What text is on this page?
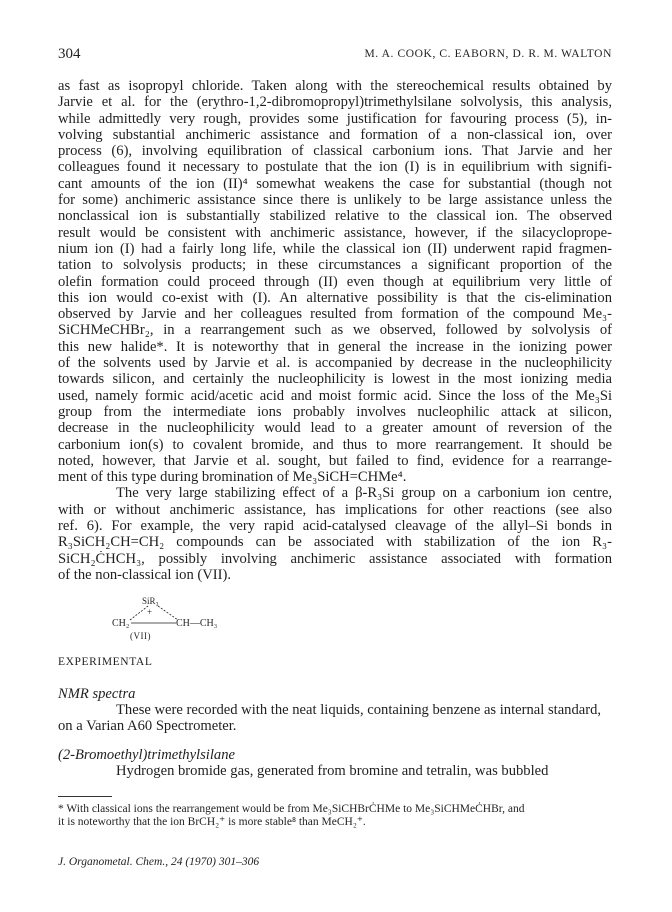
304	M. A. COOK, C. EABORN, D. R. M. WALTON
as fast as isopropyl chloride. Taken along with the stereochemical results obtained by
Jarvie et al. for the (erythro-1,2-dibromopropyl)trimethylsilane solvolysis, this analysis,
while admittedly very rough, provides some justification for favouring process (5), in-
volving substantial anchimeric assistance and formation of a non-classical ion, over
process (6), involving equilibration of classical carbonium ions. That Jarvie and her
colleagues found it necessary to postulate that the ion (I) is in equilibrium with signifi-
cant amounts of the ion (II)⁴ somewhat weakens the case for substantial (though not
for some) anchimeric assistance since there is unlikely to be large assistance unless the
nonclassical ion is substantially stabilized relative to the classical ion. The observed
result would be consistent with anchimeric assistance, however, if the silacycloprope-
nium ion (I) had a fairly long life, while the classical ion (II) underwent rapid fragmen-
tation to solvolysis products; in these circumstances a significant proportion of the
olefin formation could proceed through (II) even though at equilibrium very little of
this ion would co-exist with (I). An alternative possibility is that the cis-elimination
observed by Jarvie and her colleagues resulted from formation of the compound Me₃-
SiCHMeCHBr₂, in a rearrangement such as we observed, followed by solvolysis of
this new halide*. It is noteworthy that in general the increase in the ionizing power
of the solvents used by Jarvie et al. is accompanied by decrease in the nucleophilicity
towards silicon, and certainly the nucleophilicity is lowest in the most ionizing media
used, namely formic acid/acetic acid and moist formic acid. Since the loss of the Me₃Si
group from the intermediate ions probably involves nucleophilic attack at silicon,
decrease in the nucleophilicity would lead to a greater amount of reversion of the
carbonium ion(s) to covalent bromide, and thus to more rearrangement. It should be
noted, however, that Jarvie et al. sought, but failed to find, evidence for a rearrange-
ment of this type during bromination of Me₃SiCH=CHMe⁴.
The very large stabilizing effect of a β-R₃Si group on a carbonium ion centre,
with or without anchimeric assistance, has implications for other reactions (see also
ref. 6). For example, the very rapid acid-catalysed cleavage of the allyl–Si bonds in
R₃SiCH₂CH=CH₂ compounds can be associated with stabilization of the ion R₃-
SiCH₂ĊHCH₃, possibly involving anchimeric assistance associated with formation
of the non-classical ion (VII).
SiR₃
+
CH₂	CH—CH₃
(VII)
EXPERIMENTAL
NMR spectra
These were recorded with the neat liquids, containing benzene as internal standard, on a Varian A60 Spectrometer.
(2-Bromoethyl)trimethylsilane
Hydrogen bromide gas, generated from bromine and tetralin, was bubbled
* With classical ions the rearrangement would be from Me₃SiCHBrĊHMe to Me₃SiCHMeĊHBr, and
it is noteworthy that the ion BrCH₂⁺ is more stable⁸ than MeCH₂⁺.
J. Organometal. Chem., 24 (1970) 301–306
